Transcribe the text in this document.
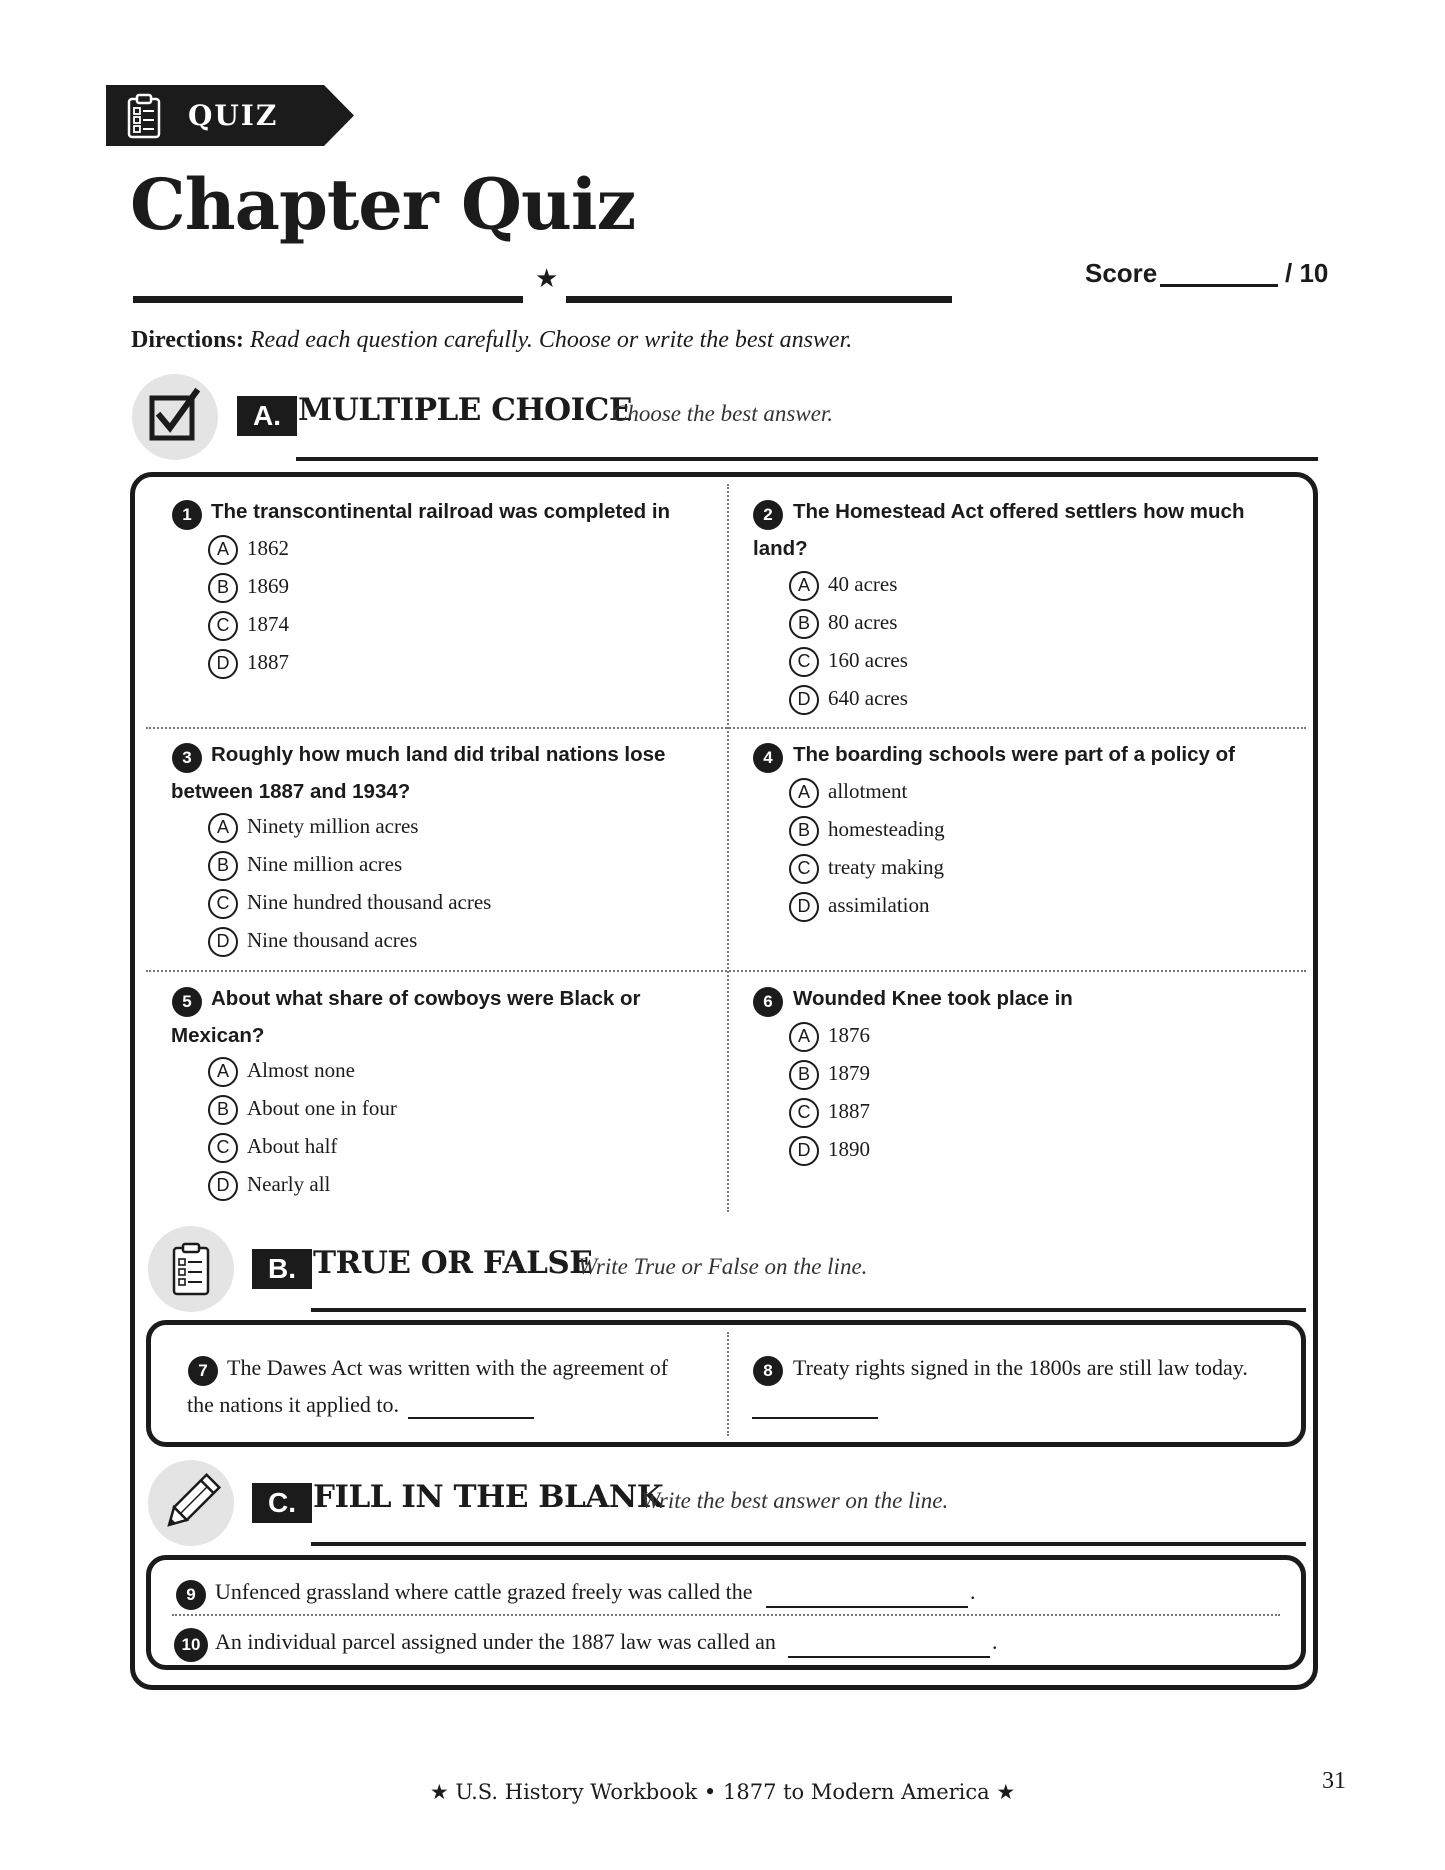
QUIZ
Chapter Quiz
★	Score	/ 10
Directions: Read each question carefully. Choose or write the best answer.
A. MULTIPLE CHOICE
Choose the best answer.
1 The transcontinental railroad was completed in
A 1862
B 1869
C 1874
D 1887
2 The Homestead Act offered settlers how much
land?
A 40 acres
B 80 acres
C 160 acres
D 640 acres
3 Roughly how much land did tribal nations lose
between 1887 and 1934?
A Ninety million acres
B Nine million acres
C Nine hundred thousand acres
D Nine thousand acres
4 The boarding schools were part of a policy of
A allotment
B homesteading
C treaty making
D assimilation
5 About what share of cowboys were Black or
Mexican?
A Almost none
B About one in four
C About half
D Nearly all
6 Wounded Knee took place in
A 1876
B 1879
C 1887
D 1890
B. TRUE OR FALSE
Write True or False on the line.
7 The Dawes Act was written with the agreement of
the nations it applied to.
8 Treaty rights signed in the 1800s are still law today.
C. FILL IN THE BLANK
Write the best answer on the line.
9 Unfenced grassland where cattle grazed freely was called the	.
10 An individual parcel assigned under the 1887 law was called an	.
★ U.S. History Workbook • 1877 to Modern America ★	31
